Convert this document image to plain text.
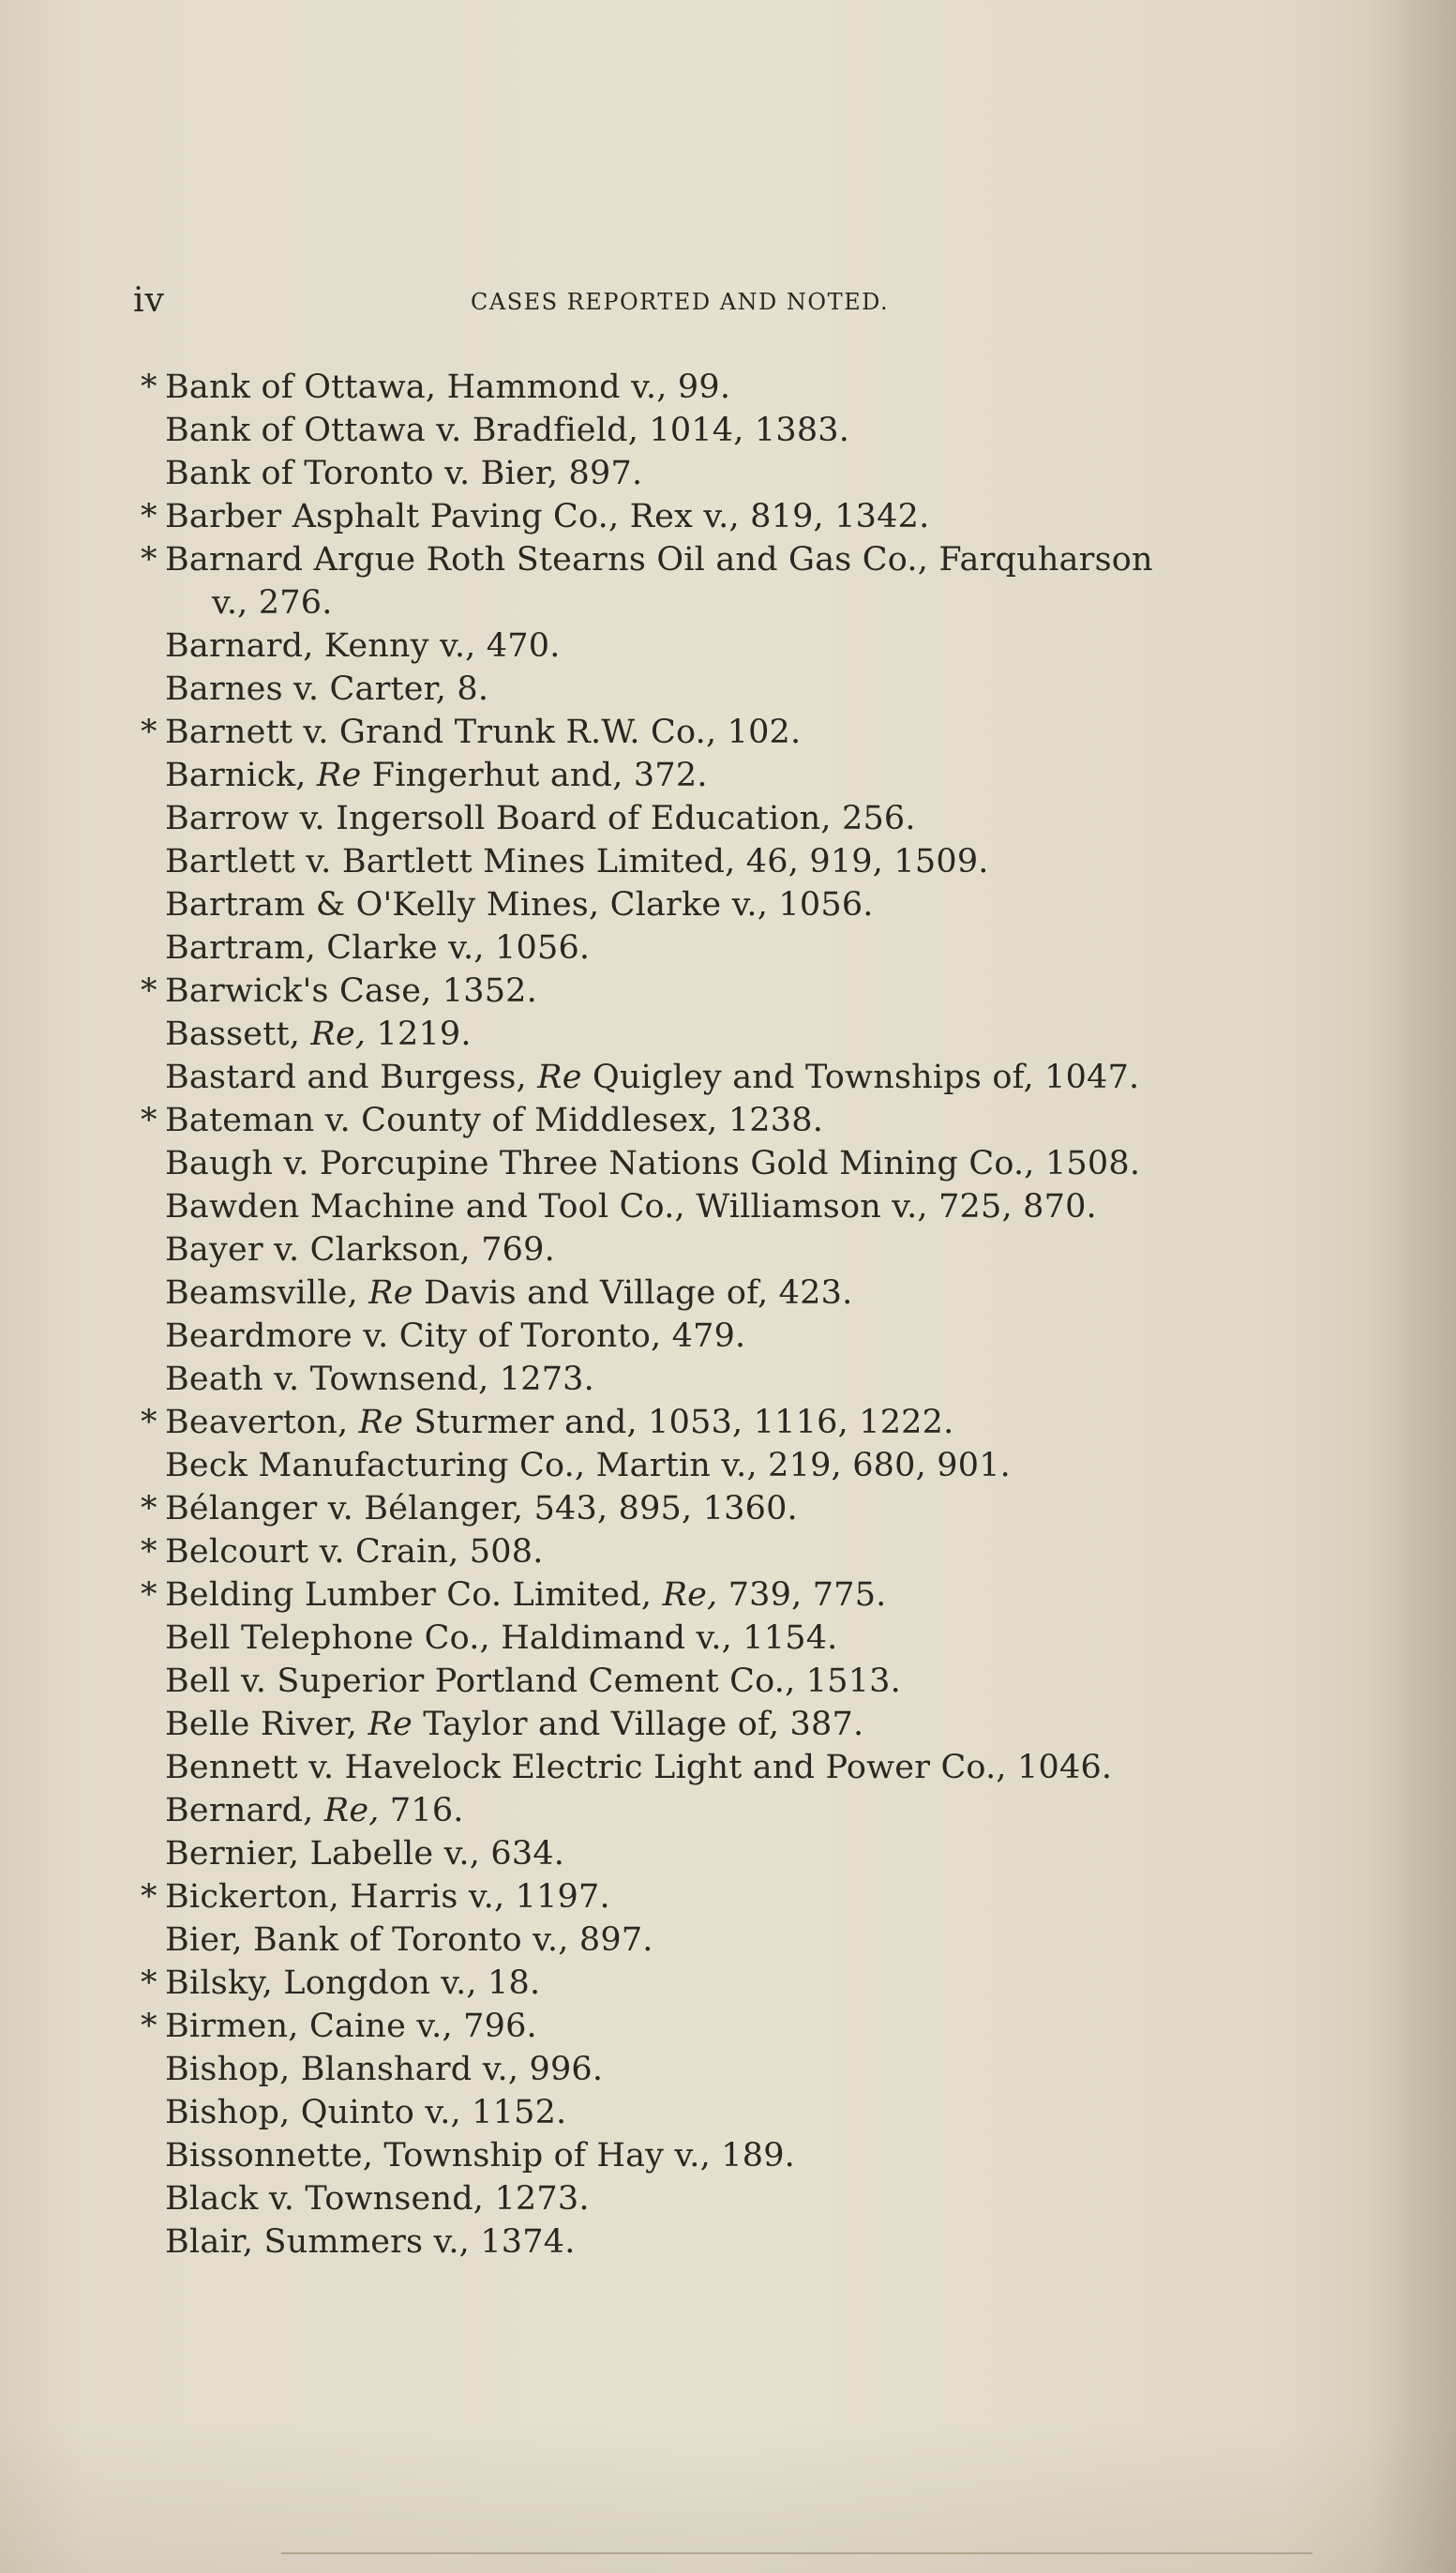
iv	CASES REPORTED AND NOTED.
* Bank of Ottawa, Hammond v., 99.
Bank of Ottawa v. Bradfield, 1014, 1383.
Bank of Toronto v. Bier, 897.
* Barber Asphalt Paving Co., Rex v., 819, 1342.
* Barnard Argue Roth Stearns Oil and Gas Co., Farquharson
v., 276.
Barnard, Kenny v., 470.
Barnes v. Carter, 8.
* Barnett v. Grand Trunk R.W. Co., 102.
Barnick, Re Fingerhut and, 372.
Barrow v. Ingersoll Board of Education, 256.
Bartlett v. Bartlett Mines Limited, 46, 919, 1509.
Bartram & O'Kelly Mines, Clarke v., 1056.
Bartram, Clarke v., 1056.
* Barwick's Case, 1352.
Bassett, Re, 1219.
Bastard and Burgess, Re Quigley and Townships of, 1047.
* Bateman v. County of Middlesex, 1238.
Baugh v. Porcupine Three Nations Gold Mining Co., 1508.
Bawden Machine and Tool Co., Williamson v., 725, 870.
Bayer v. Clarkson, 769.
Beamsville, Re Davis and Village of, 423.
Beardmore v. City of Toronto, 479.
Beath v. Townsend, 1273.
* Beaverton, Re Sturmer and, 1053, 1116, 1222.
Beck Manufacturing Co., Martin v., 219, 680, 901.
* Bélanger v. Bélanger, 543, 895, 1360.
* Belcourt v. Crain, 508.
* Belding Lumber Co. Limited, Re, 739, 775.
Bell Telephone Co., Haldimand v., 1154.
Bell v. Superior Portland Cement Co., 1513.
Belle River, Re Taylor and Village of, 387.
Bennett v. Havelock Electric Light and Power Co., 1046.
Bernard, Re, 716.
Bernier, Labelle v., 634.
* Bickerton, Harris v., 1197.
Bier, Bank of Toronto v., 897.
* Bilsky, Longdon v., 18.
* Birmen, Caine v., 796.
Bishop, Blanshard v., 996.
Bishop, Quinto v., 1152.
Bissonnette, Township of Hay v., 189.
Black v. Townsend, 1273.
Blair, Summers v., 1374.
